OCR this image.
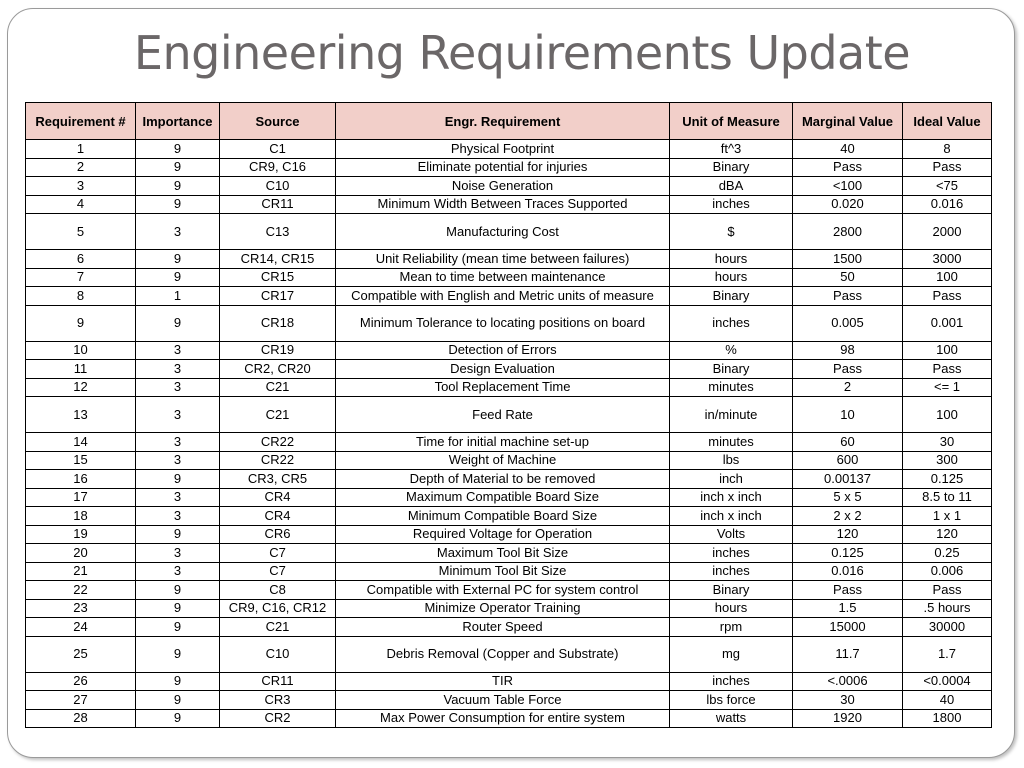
Engineering Requirements Update
Requirement #	Importance	Source	Engr. Requirement	Unit of Measure	Marginal Value	Ideal Value
1	9	C1	Physical Footprint	ft^3	40	8
2	9	CR9, C16	Eliminate potential for injuries	Binary	Pass	Pass
3	9	C10	Noise Generation	dBA	<100	<75
4	9	CR11	Minimum Width Between Traces Supported	inches	0.020	0.016
5	3	C13	Manufacturing Cost	$	2800	2000
6	9	CR14, CR15	Unit Reliability (mean time between failures)	hours	1500	3000
7	9	CR15	Mean to time between maintenance	hours	50	100
8	1	CR17	Compatible with English and Metric units of measure	Binary	Pass	Pass
9	9	CR18	Minimum Tolerance to locating positions on board	inches	0.005	0.001
10	3	CR19	Detection of Errors	%	98	100
11	3	CR2, CR20	Design Evaluation	Binary	Pass	Pass
12	3	C21	Tool Replacement Time	minutes	2	<= 1
13	3	C21	Feed Rate	in/minute	10	100
14	3	CR22	Time for initial machine set-up	minutes	60	30
15	3	CR22	Weight of Machine	lbs	600	300
16	9	CR3, CR5	Depth of Material to be removed	inch	0.00137	0.125
17	3	CR4	Maximum Compatible Board Size	inch x inch	5 x 5	8.5 to 11
18	3	CR4	Minimum Compatible Board Size	inch x inch	2 x 2	1 x 1
19	9	CR6	Required Voltage for Operation	Volts	120	120
20	3	C7	Maximum Tool Bit Size	inches	0.125	0.25
21	3	C7	Minimum Tool Bit Size	inches	0.016	0.006
22	9	C8	Compatible with External PC for system control	Binary	Pass	Pass
23	9	CR9, C16, CR12	Minimize Operator Training	hours	1.5	.5 hours
24	9	C21	Router Speed	rpm	15000	30000
25	9	C10	Debris Removal (Copper and Substrate)	mg	11.7	1.7
26	9	CR11	TIR	inches	<.0006	<0.0004
27	9	CR3	Vacuum Table Force	lbs force	30	40
28	9	CR2	Max Power Consumption for entire system	watts	1920	1800
